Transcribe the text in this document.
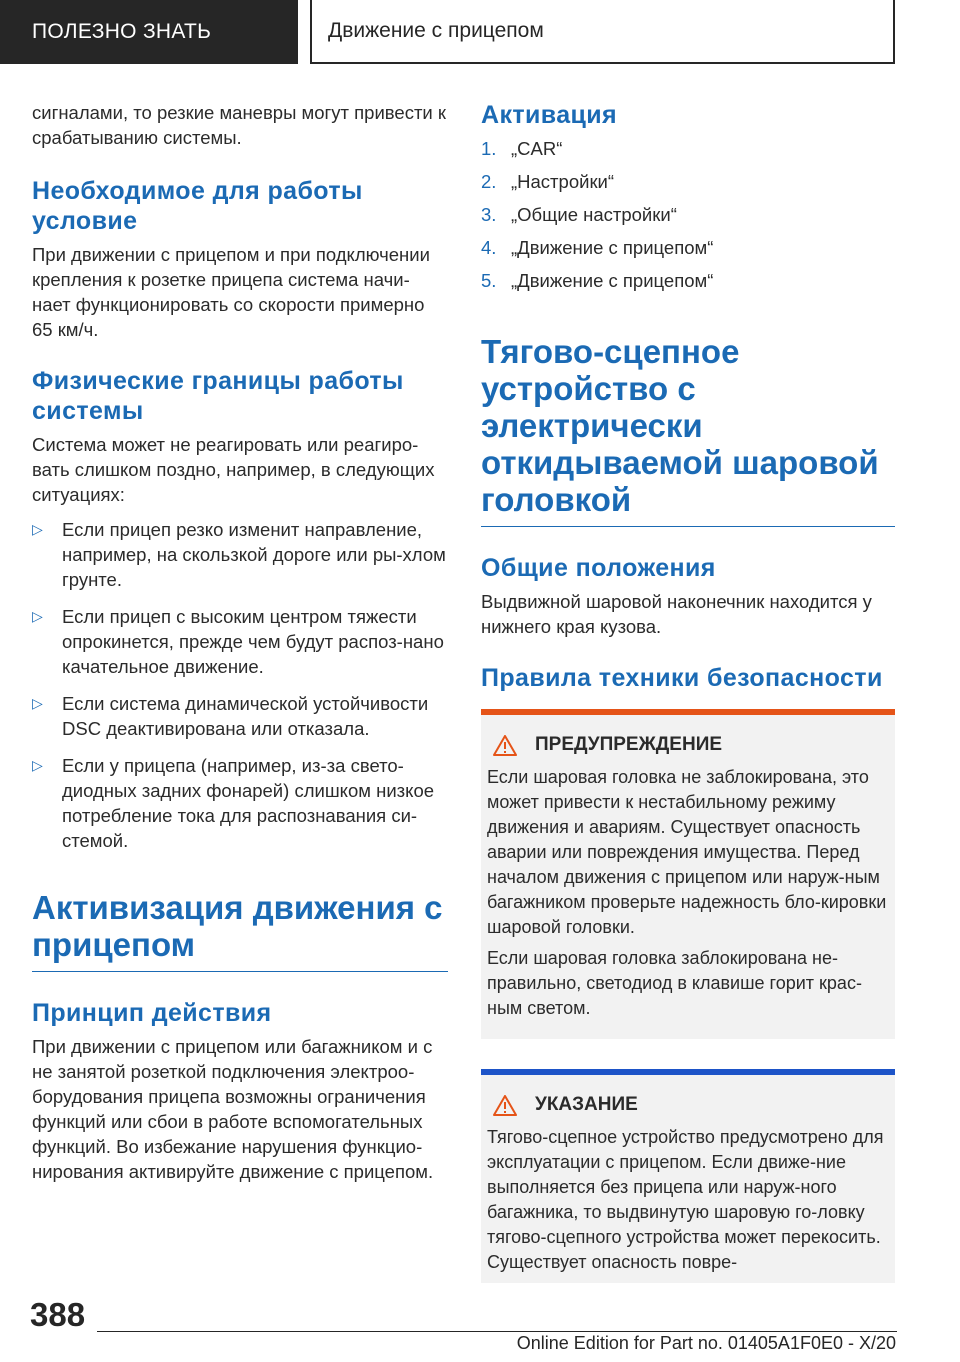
ПОЛЕЗНО ЗНАТЬ	Движение с прицепом

сигналами, то резкие маневры могут привести к срабатыванию системы.

Необходимое для работы условие

При движении с прицепом и при подключении крепления к розетке прицепа система начи-нает функционировать со скорости примерно 65 км/ч.

Физические границы работы системы

Система может не реагировать или реагиро-вать слишком поздно, например, в следующих ситуациях:

▷	Если прицеп резко изменит направление, например, на скользкой дороге или ры-хлом грунте.

▷	Если прицеп с высоким центром тяжести опрокинется, прежде чем будут распоз-нано качательное движение.

▷	Если система динамической устойчивости DSC деактивирована или отказала.

▷	Если у прицепа (например, из-за свето-диодных задних фонарей) слишком низкое потребление тока для распознавания си-стемой.

Активизация движения с прицепом
Принцип действия

При движении с прицепом или багажником и с не занятой розеткой подключения электроо-борудования прицепа возможны ограничения функций или сбои в работе вспомогательных функций. Во избежание нарушения функцио-нирования активируйте движение с прицепом.

Активация
1. „CAR“
2. „Настройки“
3. „Общие настройки“
4. „Движение с прицепом“
5. „Движение с прицепом“
Тягово-сцепное устройство с электрически откидываемой шаровой головкой
Общие положения

Выдвижной шаровой наконечник находится у нижнего края кузова.

Правила техники безопасности
ПРЕДУПРЕЖДЕНИЕ

Если шаровая головка не заблокирована, это может привести к нестабильному режиму движения и авариям. Существует опасность аварии или повреждения имущества. Перед началом движения с прицепом или наруж-ным багажником проверьте надежность бло-кировки шаровой головки.

Если шаровая головка заблокирована не-правильно, светодиод в клавише горит крас-ным светом.

УКАЗАНИЕ

Тягово-сцепное устройство предусмотрено для эксплуатации с прицепом. Если движе-ние выполняется без прицепа или наруж-ного багажника, то выдвинутую шаровую го-ловку тягово-сцепного устройства может перекосить. Существует опасность повре-

388
Online Edition for Part no. 01405A1F0E0 - X/20
